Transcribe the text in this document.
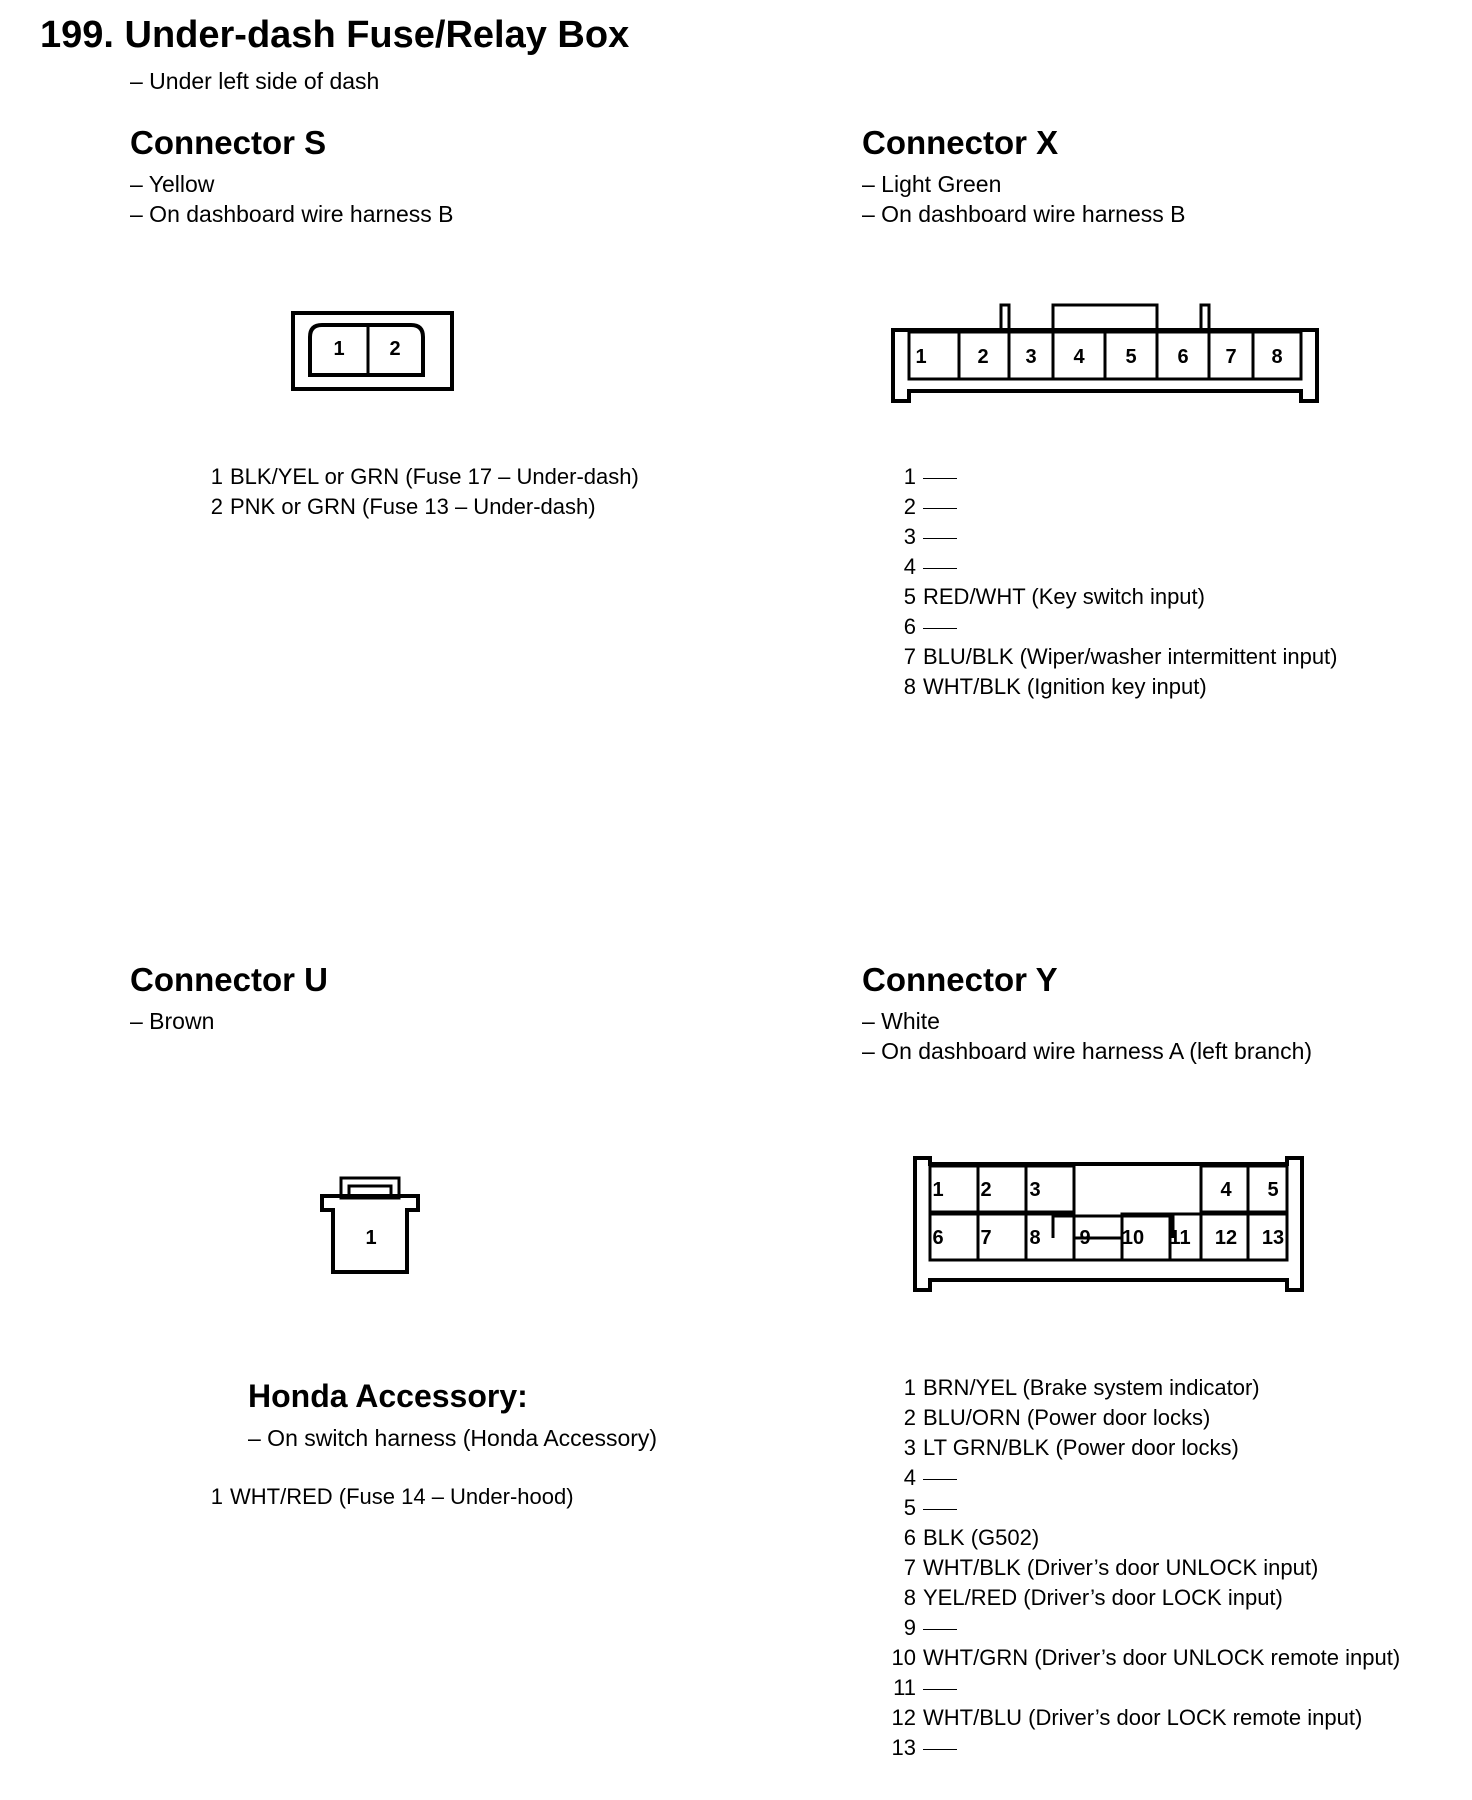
199. Under-dash Fuse/Relay Box
– Under left side of dash
Connector S
– Yellow
– On dashboard wire harness B
1 2
1 BLK/YEL or GRN (Fuse 17 – Under-dash)
2 PNK or GRN (Fuse 13 – Under-dash)
Connector X
– Light Green
– On dashboard wire harness B
1	2 3 4 5 6 7 8
1
2
3
4
5 RED/WHT (Key switch input)
6
7 BLU/BLK (Wiper/washer intermittent input)
8 WHT/BLK (Ignition key input)
Connector U
– Brown
1
Honda Accessory:
– On switch harness (Honda Accessory)
1 WHT/RED (Fuse 14 – Under-hood)
Connector Y
– White
– On dashboard wire harness A (left branch)
1 2 3	4 5
6 7 8 9 10 11 12 13
1 BRN/YEL (Brake system indicator)
2 BLU/ORN (Power door locks)
3 LT GRN/BLK (Power door locks)
4
5
6 BLK (G502)
7 WHT/BLK (Driver’s door UNLOCK input)
8 YEL/RED (Driver’s door LOCK input)
9
10 WHT/GRN (Driver’s door UNLOCK remote input)
11
12 WHT/BLU (Driver’s door LOCK remote input)
13
